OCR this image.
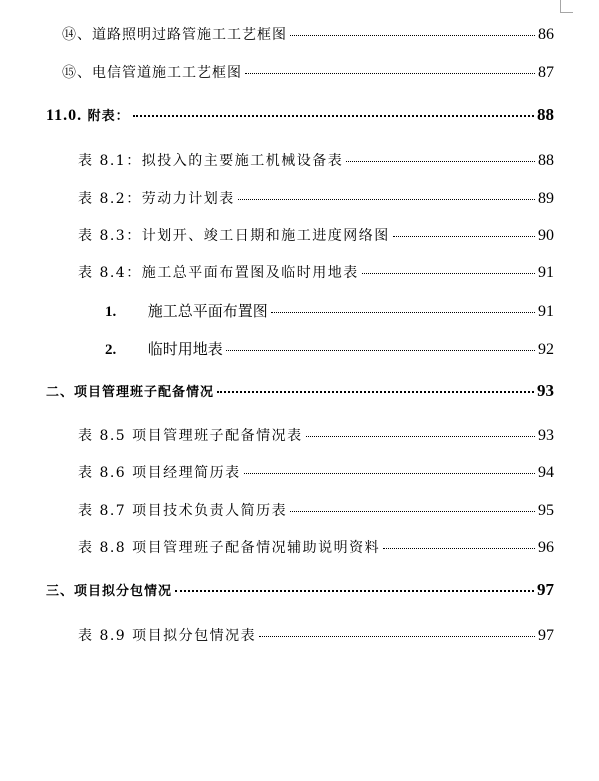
⑭、道路照明过路管施工工艺框图	86
⑮、电信管道施工工艺框图	87
11.0. 附表：	88
表 8.1：拟投入的主要施工机械设备表	88
表 8.2：劳动力计划表	89
表 8.3：计划开、竣工日期和施工进度网络图	90
表 8.4：施工总平面布置图及临时用地表	91
1. 施工总平面布置图	91
2. 临时用地表	92
二、项目管理班子配备情况	93
表 8.5 项目管理班子配备情况表	93
表 8.6 项目经理简历表	94
表 8.7 项目技术负责人简历表	95
表 8.8 项目管理班子配备情况辅助说明资料	96
三、项目拟分包情况	97
表 8.9 项目拟分包情况表	97
